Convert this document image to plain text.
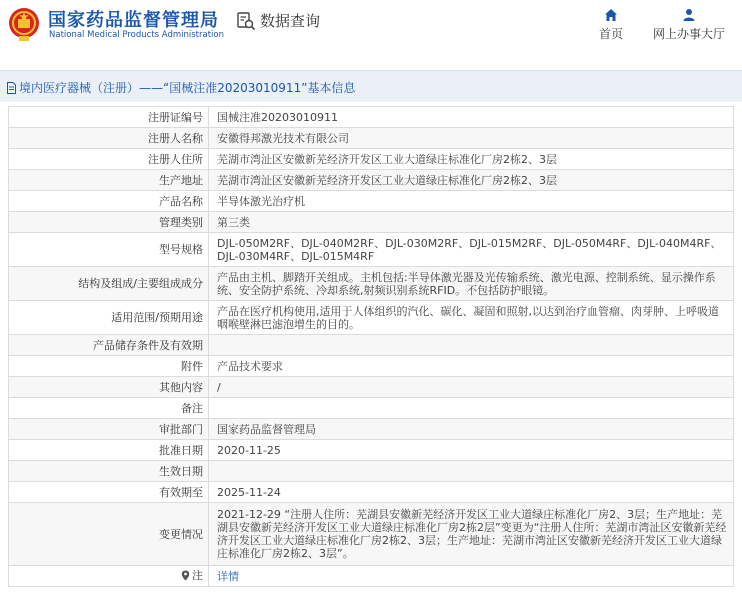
国家药品监督管理局
National Medical Products Administration
数据查询
首页 网上办事大厅
境内医疗器械（注册）——“国械注准20203010911”基本信息
注册证编号	国械注准20203010911
注册人名称	安徽得邦激光技术有限公司
注册人住所	芜湖市湾沚区安徽新芜经济开发区工业大道绿庄标准化厂房2栋2、3层
生产地址	芜湖市湾沚区安徽新芜经济开发区工业大道绿庄标准化厂房2栋2、3层
产品名称	半导体激光治疗机
管理类别	第三类
型号规格	DJL-050M2RF、DJL-040M2RF、DJL-030M2RF、DJL-015M2RF、DJL-050M4RF、DJL-040M4RF、DJL-030M4RF、DJL-015M4RF
结构及组成/主要组成成分	产品由主机、脚踏开关组成。主机包括:半导体激光器及光传输系统、激光电源、控制系统、显示操作系统、安全防护系统、冷却系统,射频识别系统RFID。不包括防护眼镜。
适用范围/预期用途	产品在医疗机构使用,适用于人体组织的汽化、碳化、凝固和照射,以达到治疗血管瘤、肉芽肿、上呼吸道咽喉壁淋巴滤泡增生的目的。
产品储存条件及有效期	
附件	产品技术要求
其他内容	/
备注	
审批部门	国家药品监督管理局
批准日期	2020-11-25
生效日期	
有效期至	2025-11-24
变更情况	2021-12-29 “注册人住所：芜湖县安徽新芜经济开发区工业大道绿庄标准化厂房2、3层；生产地址：芜湖县安徽新芜经济开发区工业大道绿庄标准化厂房2栋2层”变更为“注册人住所：芜湖市湾沚区安徽新芜经济开发区工业大道绿庄标准化厂房2栋2、3层；生产地址：芜湖市湾沚区安徽新芜经济开发区工业大道绿庄标准化厂房2栋2、3层”。

注	详情
